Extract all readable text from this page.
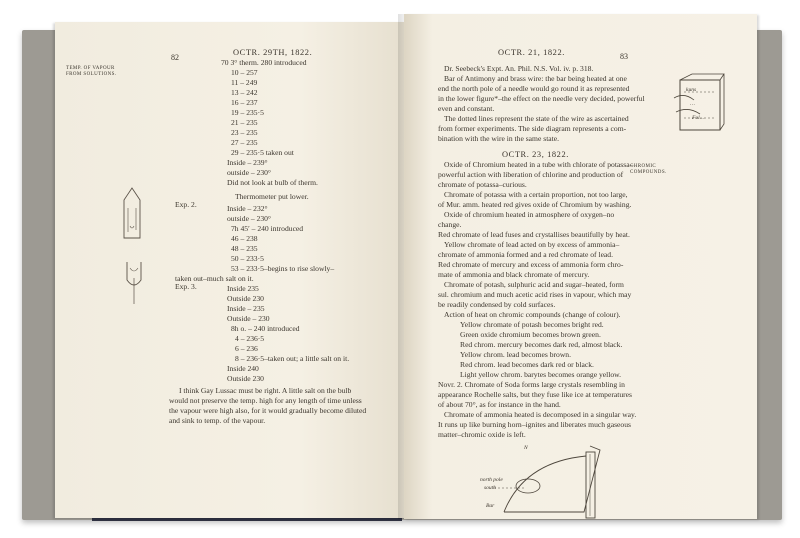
82
OCTR. 29TH, 1822.
TEMP. OF VAPOUR
FROM SOLUTIONS.
70 3° therm. 280 introduced
10 – 257
11 – 249
13 – 242
16 – 237
19 – 235·5
21 – 235
23 – 235
27 – 235
29 – 235·5 taken out
Inside – 239°
outside – 230°
Did not look at bulb of therm.
Thermometer put lower.
Exp. 2.	Inside – 232°
outside – 230°
7h 45′ – 240 introduced
46 – 238
48 – 235
50 – 233·5
53 – 233·5–begins to rise slowly–
taken out–much salt on it.
Inside 235
Outside 230
Exp. 3.
Inside – 235
Outside – 230
8h o. – 240 introduced
4 – 236·5
6 – 236
8 – 236·5–taken out; a little salt on it.
Inside 240
Outside 230
I think Gay Lussac must be right. A little salt on the bulb
would not preserve the temp. high for any length of time unless
the vapour were high also, for it would gradually become diluted
and sink to temp. of the vapour.
OCTR. 21, 1822.	83
Dr. Seebeck's Expt. An. Phil. N.S. Vol. iv. p. 318.
Bar of Antimony and brass wire: the bar being heated at one
end the north pole of a needle would go round it as represented
in the lower figure*–the effect on the needle very decided, powerful
even and constant.
The dotted lines represent the state of the wire as ascertained
from former experiments. The side diagram represents a com-
bination with the wire in the same state.
OCTR. 23, 1822.
CHROMIC
COMPOUNDS.
Oxide of Chromium heated in a tube with chlorate of potassa–
powerful action with liberation of chlorine and production of
chromate of potassa–curious.
Chromate of potassa with a certain proportion, not too large,
of Mur. amm. heated red gives oxide of Chromium by washing.
Oxide of chromium heated in atmosphere of oxygen–no
change.
Red chromate of lead fuses and crystallises beautifully by heat.
Yellow chromate of lead acted on by excess of ammonia–
chromate of ammonia formed and a red chromate of lead.
Red chromate of mercury and excess of ammonia form chro-
mate of ammonia and black chromate of mercury.
Chromate of potash, sulphuric acid and sugar–heated, form
sul. chromium and much acetic acid rises in vapour, which may
be readily condensed by cold surfaces.
Action of heat on chromic compounds (change of colour).
Yellow chromate of potash becomes bright red.
Green oxide chromium becomes brown green.
Red chrom. mercury becomes dark red, almost black.
Yellow chrom. lead becomes brown.
Red chrom. lead becomes dark red or black.
Light yellow chrom. barytes becomes orange yellow.
Novr. 2. Chromate of Soda forms large crystals resembling in
appearance Rochelle salts, but they fuse like ice at temperatures
of about 70°, as for instance in the hand.
Chromate of ammonia heated is decomposed in a singular way.
It runs up like burning horn–ignites and liberates much gaseous
matter–chromic oxide is left.
kuns
…
Fol…
N
north pole
south
Bar
